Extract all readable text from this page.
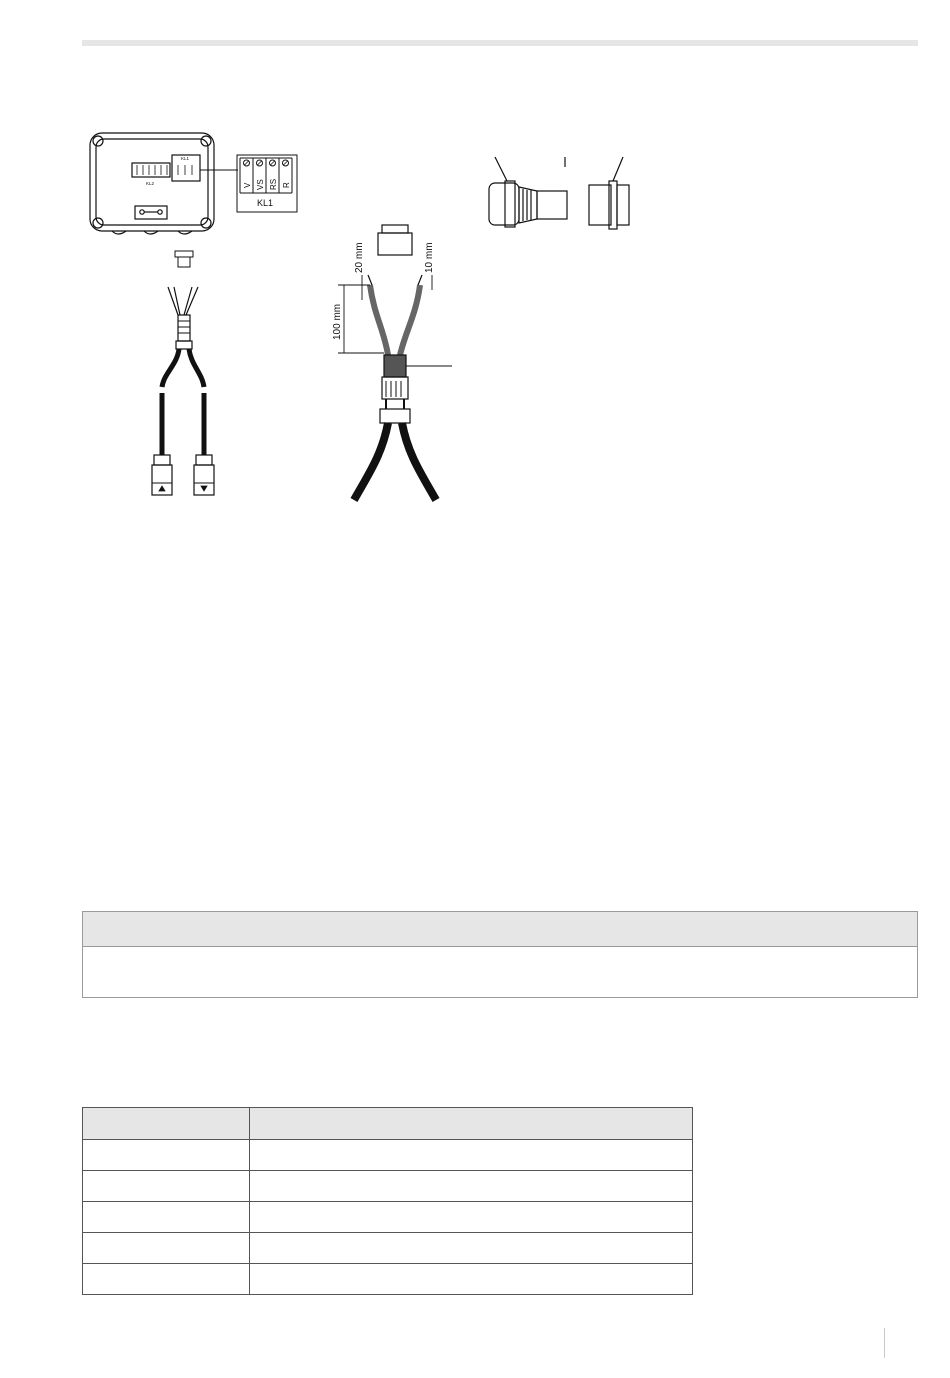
KL2
KL1
V VS RS R
KL1
20 mm	10 mm
100 mm
